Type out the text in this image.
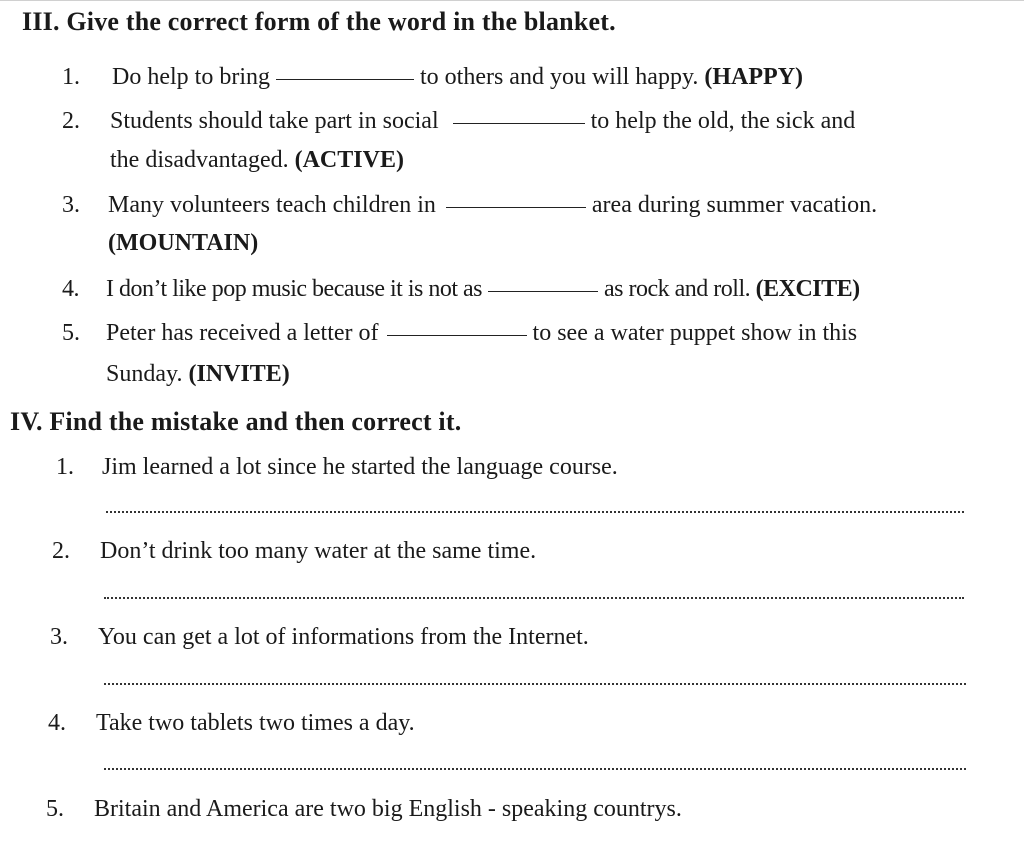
III. Give the correct form of the word in the blanket.
1.	Do help to bring	to others and you will happy. (HAPPY)
2.	Students should take part in social	to help the old, the sick and
the disadvantaged. (ACTIVE)
3.	Many volunteers teach children in	area during summer vacation.
(MOUNTAIN)
4.	I don’t like pop music because it is not as	as rock and roll. (EXCITE)
5.	Peter has received a letter of	to see a water puppet show in this
Sunday. (INVITE)
IV. Find the mistake and then correct it.
1.	Jim learned a lot since he started the language course.
2.	Don’t drink too many water at the same time.
3.	You can get a lot of informations from the Internet.
4.	Take two tablets two times a day.
5.	Britain and America are two big English - speaking countrys.
